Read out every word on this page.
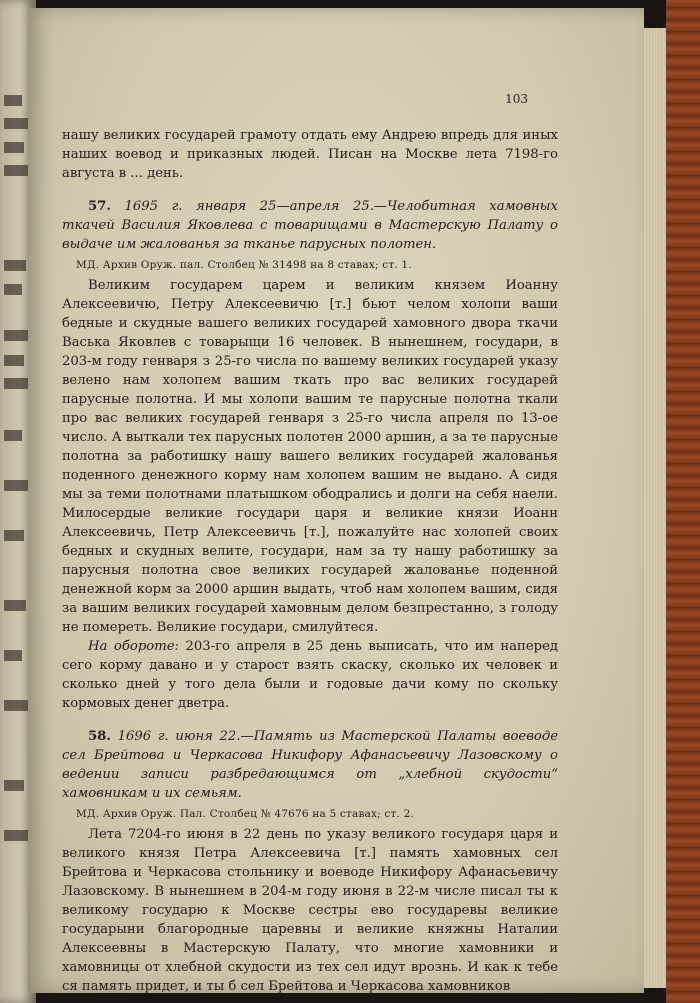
103

нашу великих государей грамоту отдать ему Андрею впредь для иных наших воевод и приказных людей. Писан на Москве лета 7198-го августа в ... день.

57. 1695 г. января 25—апреля 25.—Челобитная хамовных ткачей Василия Яковлева с товарищами в Мастерскую Палату о выдаче им жалованья за тканье парусных полотен.

МД. Архив Оруж. пал. Столбец № 31498 на 8 ставах; ст. 1.

Великим государем царем и великим князем Иоанну Алексеевичю, Петру Алексеевичю [т.] бьют челом холопи ваши бедные и скудные вашего великих государей хамовного двора ткачи Васька Яковлев с товарыщи 16 человек. В нынешнем, государи, в 203-м году генваря з 25-го числа по вашему великих государей указу велено нам холопем вашим ткать про вас великих государей парусные полотна. И мы холопи вашим те парусные полотна ткали про вас великих государей генваря з 25-го числа апреля по 13-ое число. А выткали тех парусных полотен 2000 аршин, а за те парусные полотна за работишку нашу вашего великих государей жалованья поденного денежного корму нам холопем вашим не выдано. А сидя мы за теми полотнами платышком ободрались и долги на себя наели. Милосердые великие государи царя и великие князи Иоанн Алексеевичь, Петр Алексеевичь [т.], пожалуйте нас холопей своих бедных и скудных велите, государи, нам за ту нашу работишку за парусныя полотна свое великих государей жалованье поденной денежной корм за 2000 аршин выдать, чтоб нам холопем вашим, сидя за вашим великих государей хамовным делом безпрестанно, з голоду не помереть. Великие государи, смилуйтеся.

На обороте: 203-го апреля в 25 день выписать, что им наперед сего корму давано и у старост взять скаску, сколько их человек и сколько дней у того дела были и годовые дачи кому по скольку кормовых денег дветра.

58. 1696 г. июня 22.—Память из Мастерской Палаты воеводе сел Брейтова и Черкасова Никифору Афанасьевичу Лазовскому о ведении записи разбредающимся от „хлебной скудости“ хамовникам и их семьям.

МД. Архив Оруж. Пал. Столбец № 47676 на 5 ставах; ст. 2.

Лета 7204-го июня в 22 день по указу великого государя царя и великого князя Петра Алексеевича [т.] память хамовных сел Брейтова и Черкасова стольнику и воеводе Никифору Афанасьевичу Лазовскому. В нынешнем в 204-м году июня в 22-м числе писал ты к великому государю к Москве сестры ево государевы великие государыни благородные царевны и великие княжны Наталии Алексеевны в Мастерскую Палату, что многие хамовники и хамовницы от хлебной скудости из тех сел идут врознь. И как к тебе ся память придет, и ты б сел Брейтова и Черкасова хамовников
